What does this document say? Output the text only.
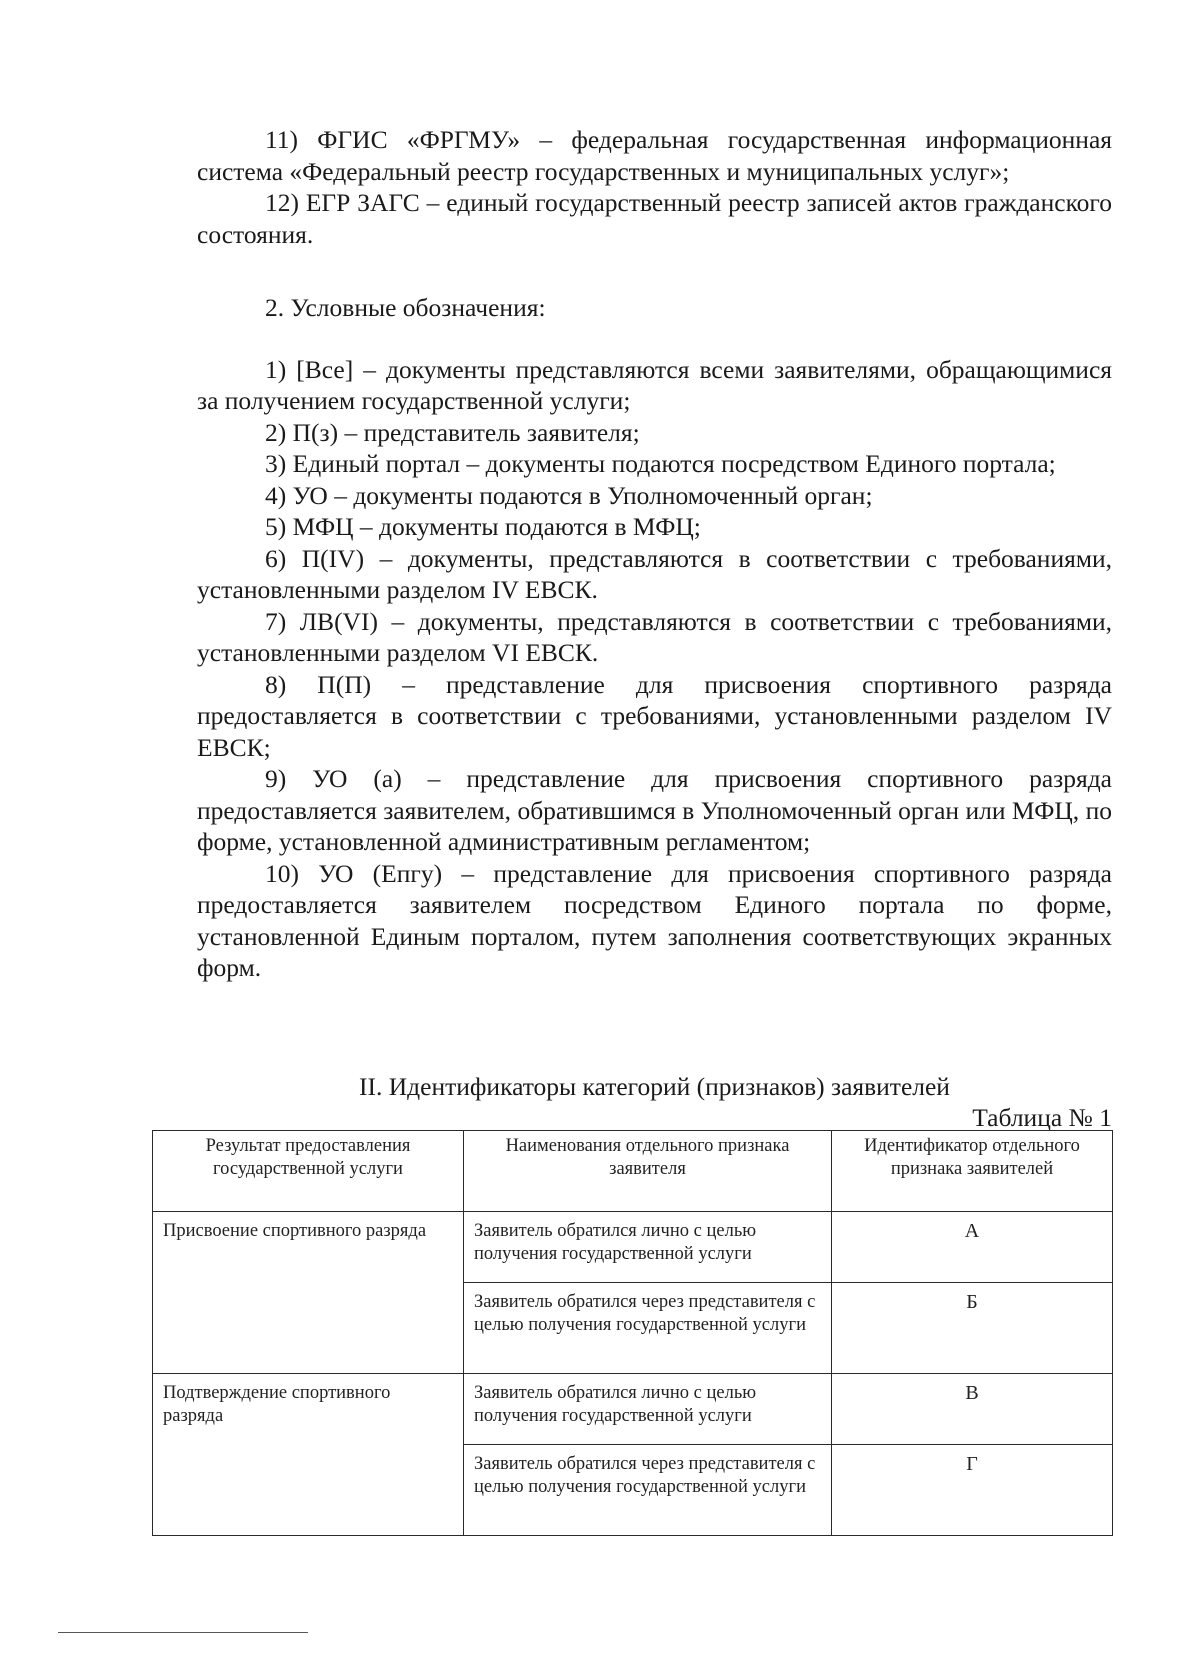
11) ФГИС «ФРГМУ» – федеральная государственная информационная система «Федеральный реестр государственных и муниципальных услуг»;

12) ЕГР ЗАГС – единый государственный реестр записей актов гражданского состояния.

2. Условные обозначения:

1) [Все] – документы представляются всеми заявителями, обращающимися за получением государственной услуги;

2) П(з) – представитель заявителя;

3) Единый портал – документы подаются посредством Единого портала;

4) УО – документы подаются в Уполномоченный орган;

5) МФЦ – документы подаются в МФЦ;

6) П(IV) – документы, представляются в соответствии с требованиями, установленными разделом IV ЕВСК.

7) ЛВ(VI) – документы, представляются в соответствии с требованиями, установленными разделом VI ЕВСК.

8) П(П) – представление для присвоения спортивного разряда предоставляется в соответствии с требованиями, установленными разделом IV ЕВСК;

9) УО (а) – представление для присвоения спортивного разряда предоставляется заявителем, обратившимся в Уполномоченный орган или МФЦ, по форме, установленной административным регламентом;

10) УО (Епгу) – представление для присвоения спортивного разряда предоставляется заявителем посредством Единого портала по форме, установленной Единым порталом, путем заполнения соответствующих экранных форм.

II. Идентификаторы категорий (признаков) заявителей
Таблица № 1
Результат предоставления государственной услуги	Наименования отдельного признака заявителя	Идентификатор отдельного признака заявителей
Присвоение спортивного разряда	Заявитель обратился лично с целью получения государственной услуги	А
	Заявитель обратился через представителя с целью получения государственной услуги	Б
Подтверждение спортивного разряда	Заявитель обратился лично с целью получения государственной услуги	В
	Заявитель обратился через представителя с целью получения государственной услуги	Г
